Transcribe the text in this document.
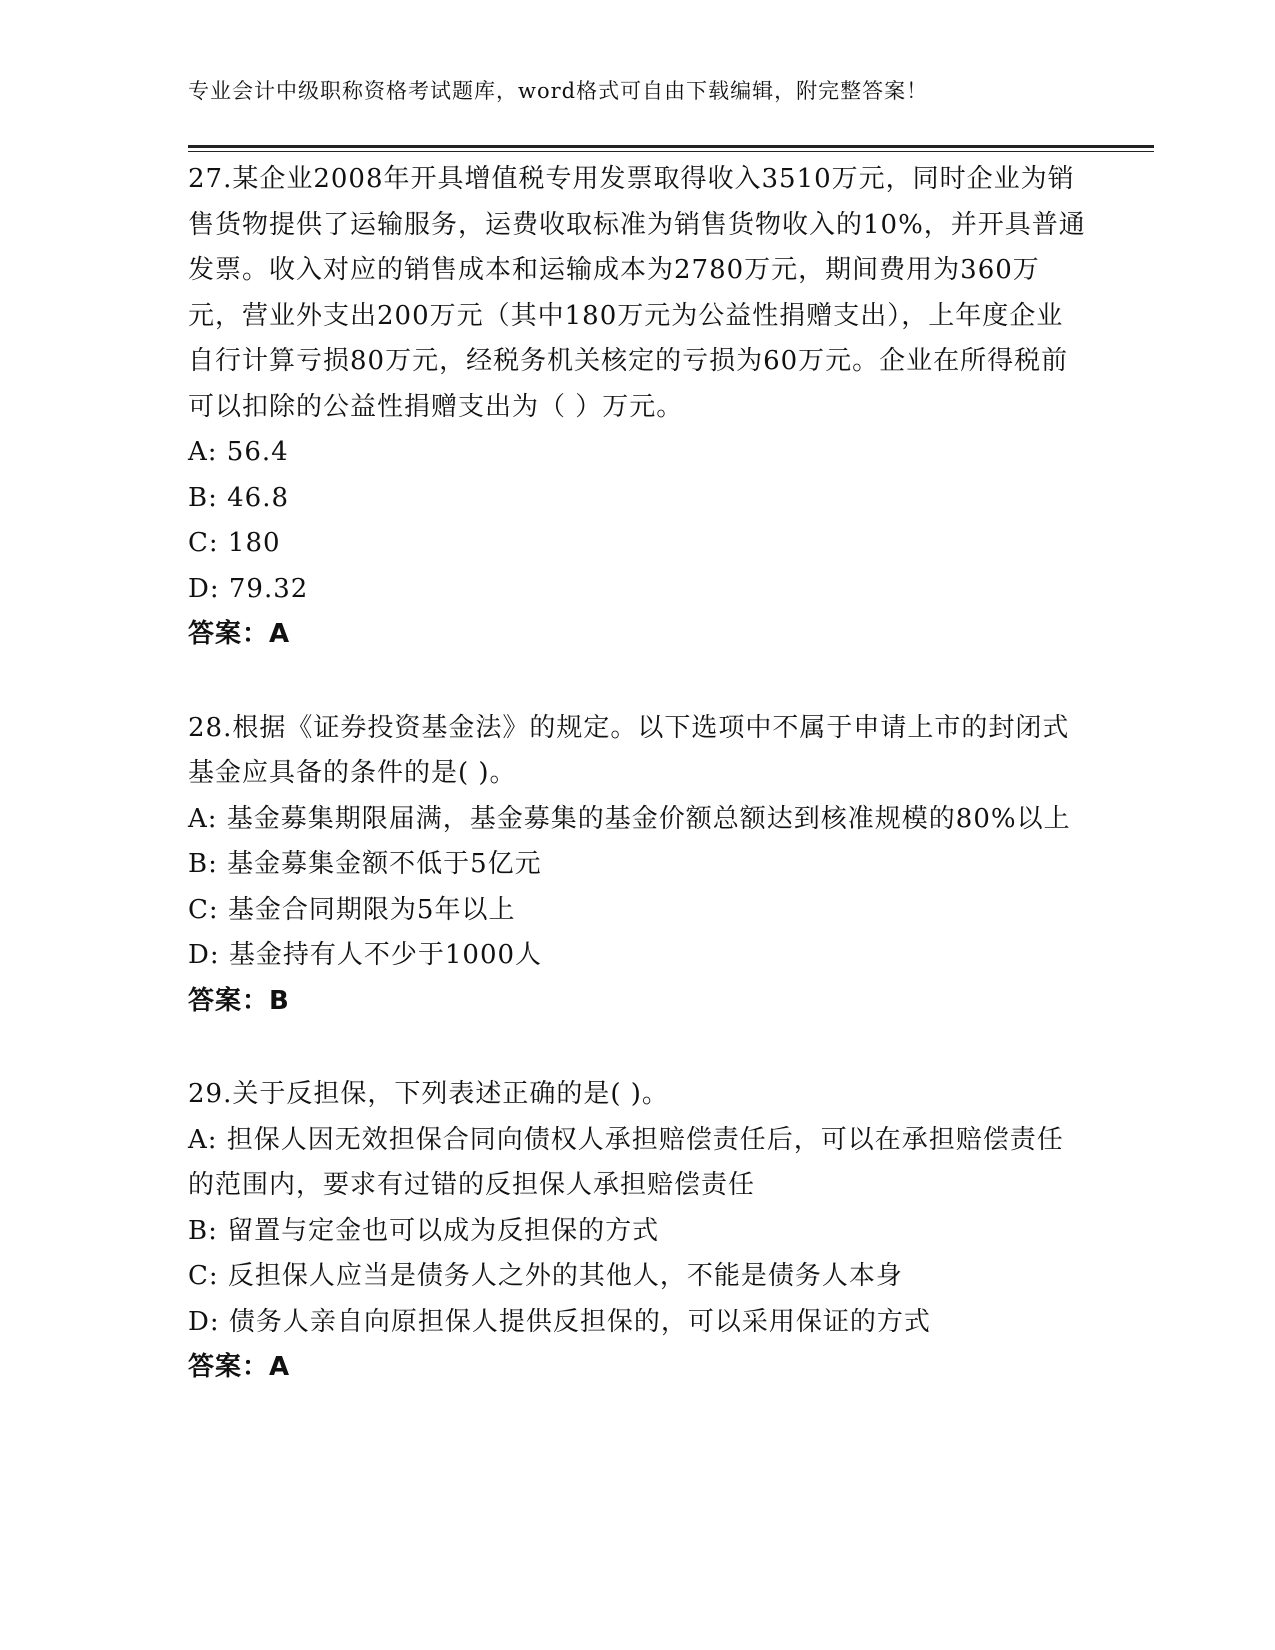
专业会计中级职称资格考试题库，word格式可自由下载编辑，附完整答案！

27.某企业2008年开具增值税专用发票取得收入3510万元，同时企业为销售货物提供了运输服务，运费收取标准为销售货物收入的10%，并开具普通发票。收入对应的销售成本和运输成本为2780万元，期间费用为360万元，营业外支出200万元（其中180万元为公益性捐赠支出），上年度企业自行计算亏损80万元，经税务机关核定的亏损为60万元。企业在所得税前可以扣除的公益性捐赠支出为（ ）万元。

A: 56.4

B: 46.8

C: 180

D: 79.32

答案：A

28.根据《证券投资基金法》的规定。以下选项中不属于申请上市的封闭式基金应具备的条件的是( )。

A: 基金募集期限届满，基金募集的基金价额总额达到核准规模的80%以上

B: 基金募集金额不低于5亿元

C: 基金合同期限为5年以上

D: 基金持有人不少于1000人

答案：B

29.关于反担保，下列表述正确的是( )。

A: 担保人因无效担保合同向债权人承担赔偿责任后，可以在承担赔偿责任的范围内，要求有过错的反担保人承担赔偿责任

B: 留置与定金也可以成为反担保的方式

C: 反担保人应当是债务人之外的其他人，不能是债务人本身

D: 债务人亲自向原担保人提供反担保的，可以采用保证的方式

答案：A
